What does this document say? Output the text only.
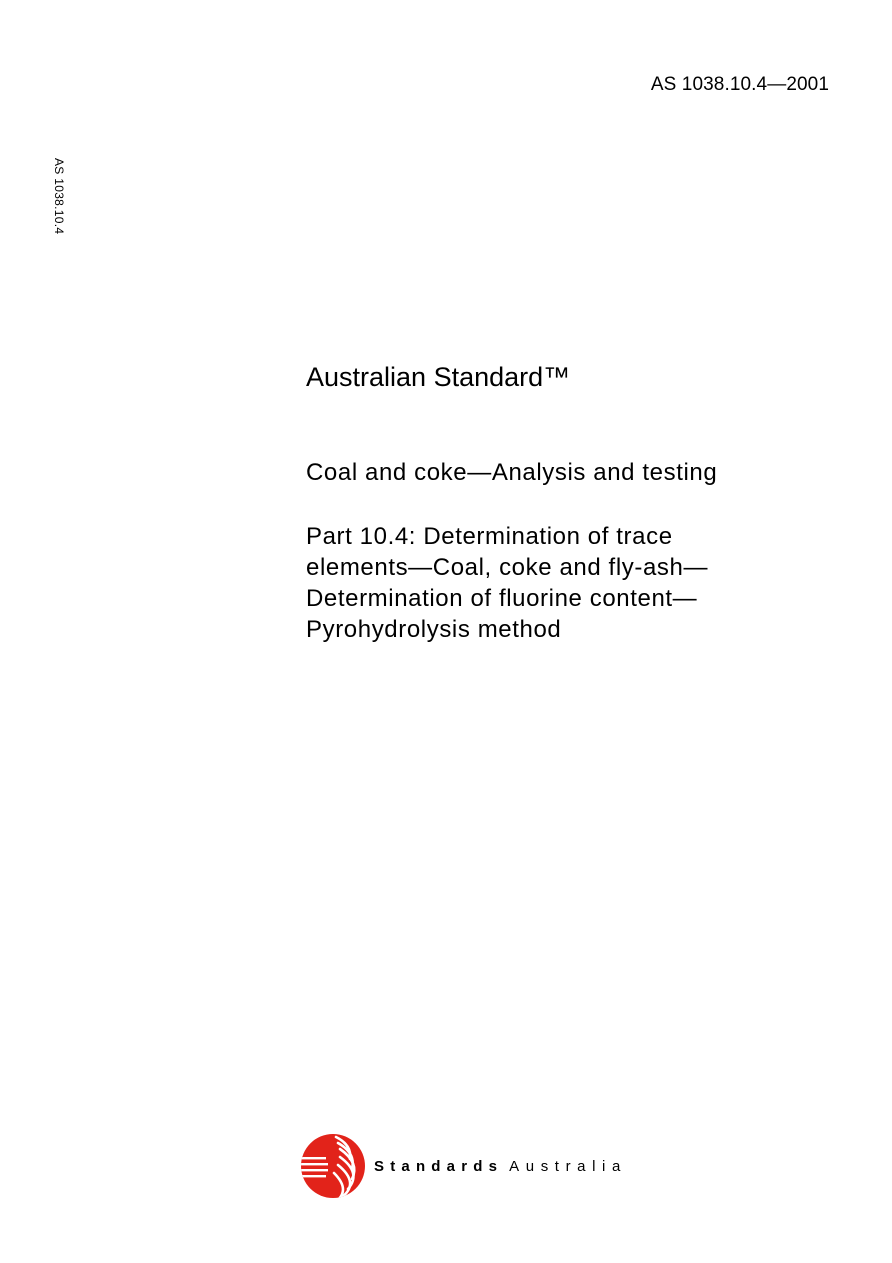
AS 1038.10.4—2001
AS 1038.10.4
Australian Standard™
Coal and coke—Analysis and testing
Part 10.4: Determination of trace
elements—Coal, coke and fly-ash—
Determination of fluorine content—
Pyrohydrolysis method
Standards Australia
